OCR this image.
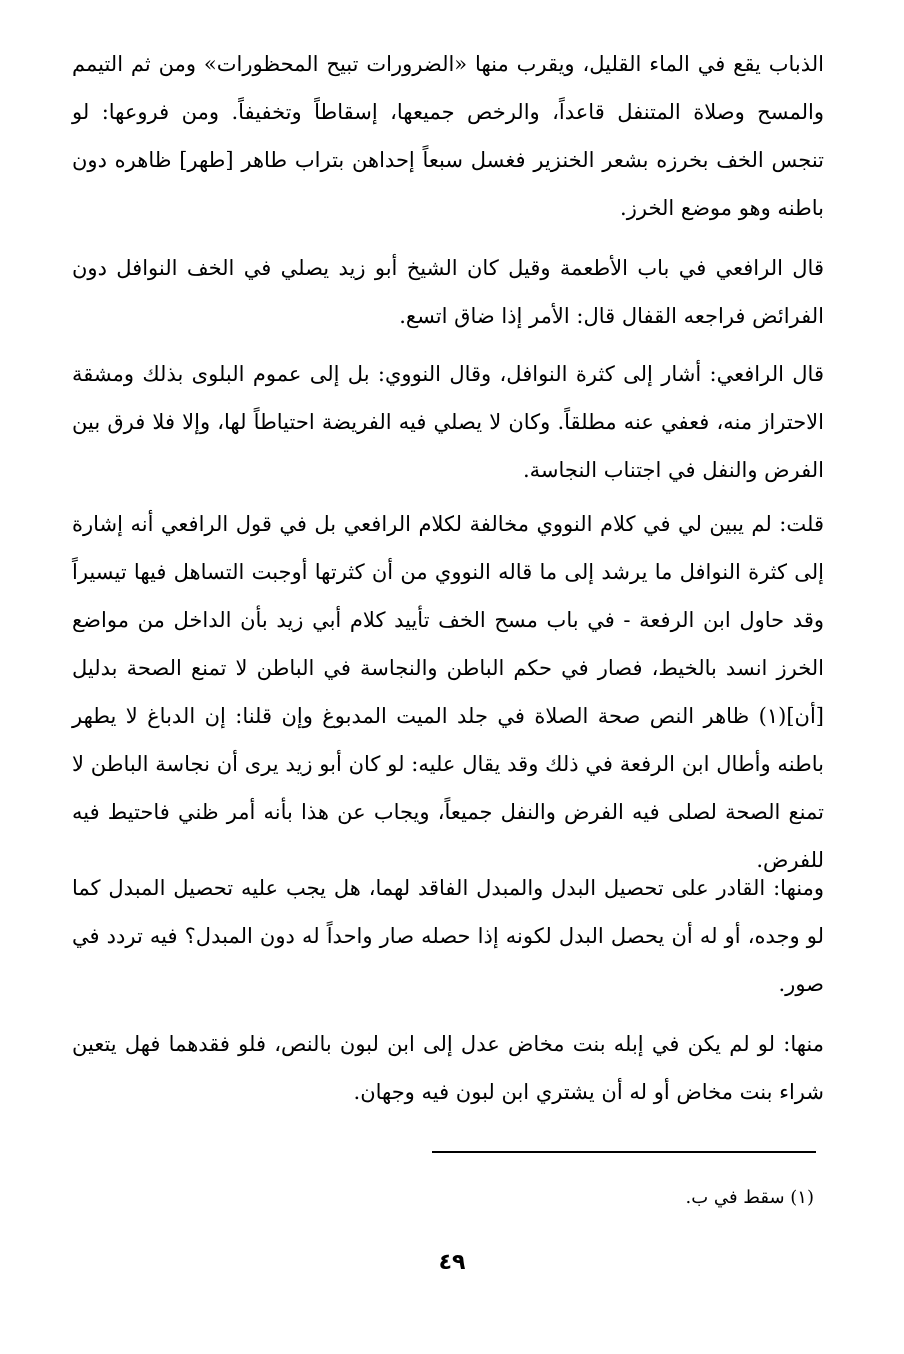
الذباب يقع في الماء القليل، ويقرب منها «الضرورات تبيح المحظورات» ومن ثم التيمم والمسح وصلاة المتنفل قاعداً، والرخص جميعها، إسقاطاً وتخفيفاً. ومن فروعها: لو تنجس الخف بخرزه بشعر الخنزير فغسل سبعاً إحداهن بتراب طاهر [طهر] ظاهره دون باطنه وهو موضع الخرز.
قال الرافعي في باب الأطعمة وقيل كان الشيخ أبو زيد يصلي في الخف النوافل دون الفرائض فراجعه القفال قال: الأمر إذا ضاق اتسع.
قال الرافعي: أشار إلى كثرة النوافل، وقال النووي: بل إلى عموم البلوى بذلك ومشقة الاحتراز منه، فعفي عنه مطلقاً. وكان لا يصلي فيه الفريضة احتياطاً لها، وإلا فلا فرق بين الفرض والنفل في اجتناب النجاسة.
قلت: لم يبين لي في كلام النووي مخالفة لكلام الرافعي بل في قول الرافعي أنه إشارة إلى كثرة النوافل ما يرشد إلى ما قاله النووي من أن كثرتها أوجبت التساهل فيها تيسيراً وقد حاول ابن الرفعة - في باب مسح الخف تأييد كلام أبي زيد بأن الداخل من مواضع الخرز انسد بالخيط، فصار في حكم الباطن والنجاسة في الباطن لا تمنع الصحة بدليل [أن](١) ظاهر النص صحة الصلاة في جلد الميت المدبوغ وإن قلنا: إن الدباغ لا يطهر باطنه وأطال ابن الرفعة في ذلك وقد يقال عليه: لو كان أبو زيد يرى أن نجاسة الباطن لا تمنع الصحة لصلى فيه الفرض والنفل جميعاً، ويجاب عن هذا بأنه أمر ظني فاحتيط فيه للفرض.
ومنها: القادر على تحصيل البدل والمبدل الفاقد لهما، هل يجب عليه تحصيل المبدل كما لو وجده، أو له أن يحصل البدل لكونه إذا حصله صار واحداً له دون المبدل؟ فيه تردد في صور.
منها: لو لم يكن في إبله بنت مخاض عدل إلى ابن لبون بالنص، فلو فقدهما فهل يتعين شراء بنت مخاض أو له أن يشتري ابن لبون فيه وجهان.
(١) سقط في ب.
٤٩
